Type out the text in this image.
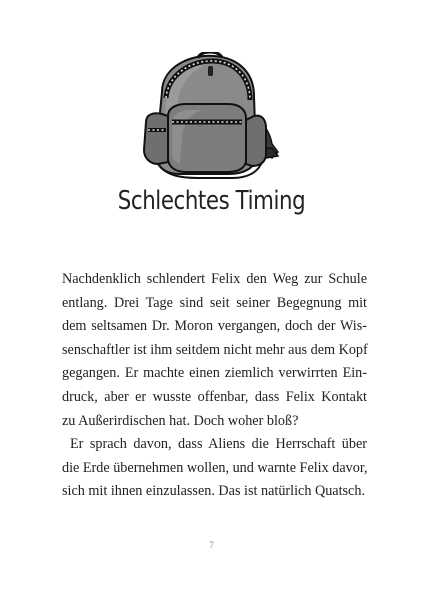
Schlechtes Timing
Nachdenklich schlendert Felix den Weg zur Schule
entlang. Drei Tage sind seit seiner Begegnung mit
dem seltsamen Dr. Moron vergangen, doch der Wis-
senschaftler ist ihm seitdem nicht mehr aus dem Kopf
gegangen. Er machte einen ziemlich verwirrten Ein-
druck, aber er wusste offenbar, dass Felix Kontakt
zu Außerirdischen hat. Doch woher bloß?
Er sprach davon, dass Aliens die Herrschaft über
die Erde übernehmen wollen, und warnte Felix davor,
sich mit ihnen einzulassen. Das ist natürlich Quatsch.
7
